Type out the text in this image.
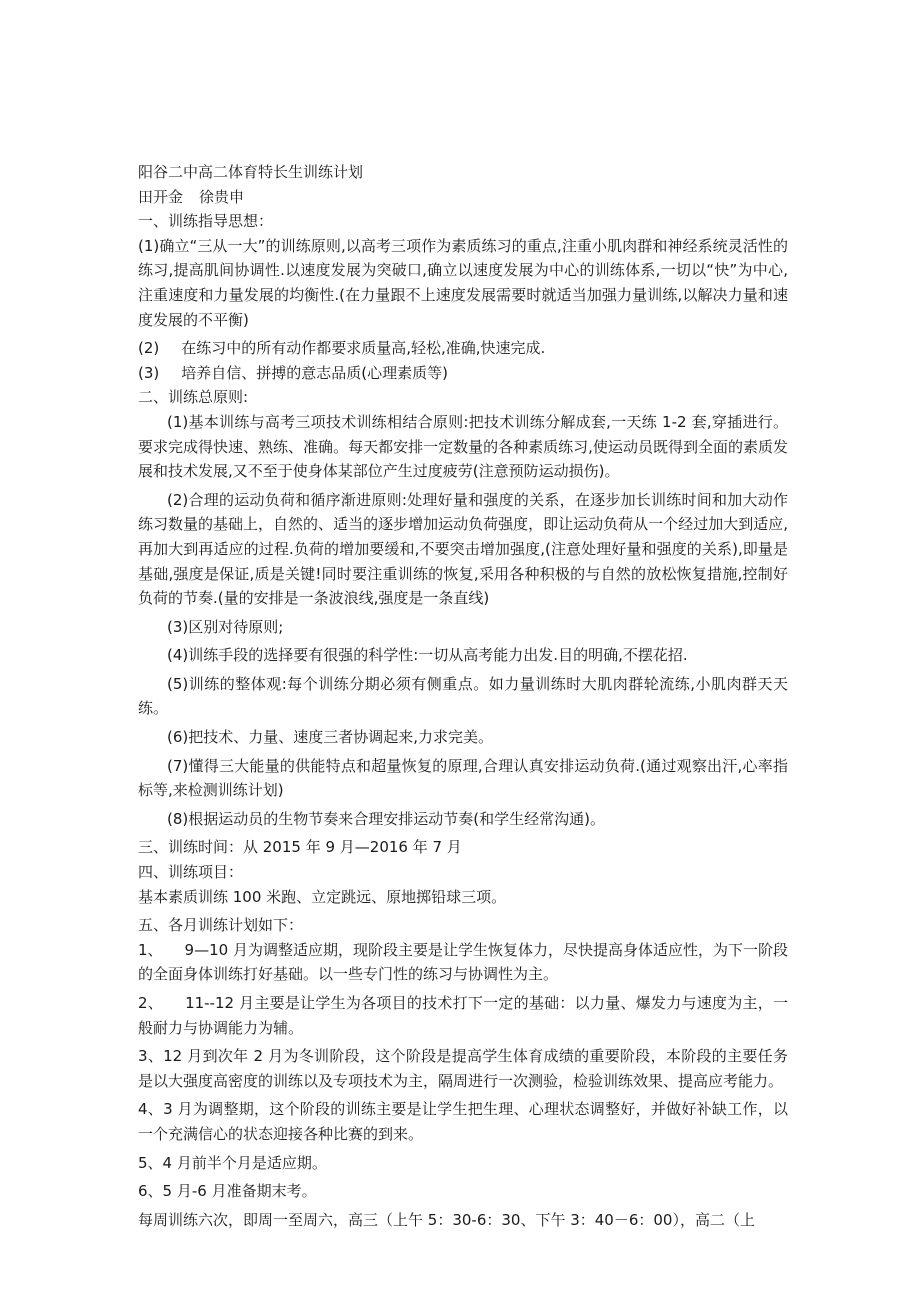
阳谷二中高二体育特长生训练计划

田开金 徐贵申

一、训练指导思想：

(1)确立“三从一大”的训练原则,以高考三项作为素质练习的重点,注重小肌肉群和神经系统灵活性的练习,提高肌间协调性.以速度发展为突破口,确立以速度发展为中心的训练体系,一切以“快”为中心,注重速度和力量发展的均衡性.(在力量跟不上速度发展需要时就适当加强力量训练,以解决力量和速度发展的不平衡)

(2) 在练习中的所有动作都要求质量高,轻松,准确,快速完成.

(3) 培养自信、拼搏的意志品质(心理素质等)

二、训练总原则:

(1)基本训练与高考三项技术训练相结合原则:把技术训练分解成套,一天练 1-2 套,穿插进行。要求完成得快速、熟练、准确。每天都安排一定数量的各种素质练习,使运动员既得到全面的素质发展和技术发展,又不至于使身体某部位产生过度疲劳(注意预防运动损伤)。

(2)合理的运动负荷和循序渐进原则:处理好量和强度的关系，在逐步加长训练时间和加大动作练习数量的基础上，自然的、适当的逐步增加运动负荷强度，即让运动负荷从一个经过加大到适应,再加大到再适应的过程.负荷的增加要缓和,不要突击增加强度,(注意处理好量和强度的关系),即量是基础,强度是保证,质是关键!同时要注重训练的恢复,采用各种积极的与自然的放松恢复措施,控制好负荷的节奏.(量的安排是一条波浪线,强度是一条直线)

(3)区别对待原则;

(4)训练手段的选择要有很强的科学性:一切从高考能力出发.目的明确,不摆花招.

(5)训练的整体观:每个训练分期必须有侧重点。如力量训练时大肌肉群轮流练,小肌肉群天天练。

(6)把技术、力量、速度三者协调起来,力求完美。

(7)懂得三大能量的供能特点和超量恢复的原理,合理认真安排运动负荷.(通过观察出汗,心率指标等,来检测训练计划)

(8)根据运动员的生物节奏来合理安排运动节奏(和学生经常沟通)。

三、训练时间：从 2015 年 9 月—2016 年 7 月

四、训练项目：

基本素质训练 100 米跑、立定跳远、原地掷铅球三项。

五、各月训练计划如下：

1、 9—10 月为调整适应期，现阶段主要是让学生恢复体力，尽快提高身体适应性，为下一阶段的全面身体训练打好基础。以一些专门性的练习与协调性为主。

2、 11--12 月主要是让学生为各项目的技术打下一定的基础：以力量、爆发力与速度为主，一般耐力与协调能力为辅。

3、12 月到次年 2 月为冬训阶段，这个阶段是提高学生体育成绩的重要阶段，本阶段的主要任务是以大强度高密度的训练以及专项技术为主，隔周进行一次测验，检验训练效果、提高应考能力。

4、3 月为调整期，这个阶段的训练主要是让学生把生理、心理状态调整好，并做好补缺工作，以一个充满信心的状态迎接各种比赛的到来。

5、4 月前半个月是适应期。

6、5 月-6 月准备期末考。

每周训练六次，即周一至周六，高三（上午 5：30-6：30、下午 3：40－6：00），高二（上
